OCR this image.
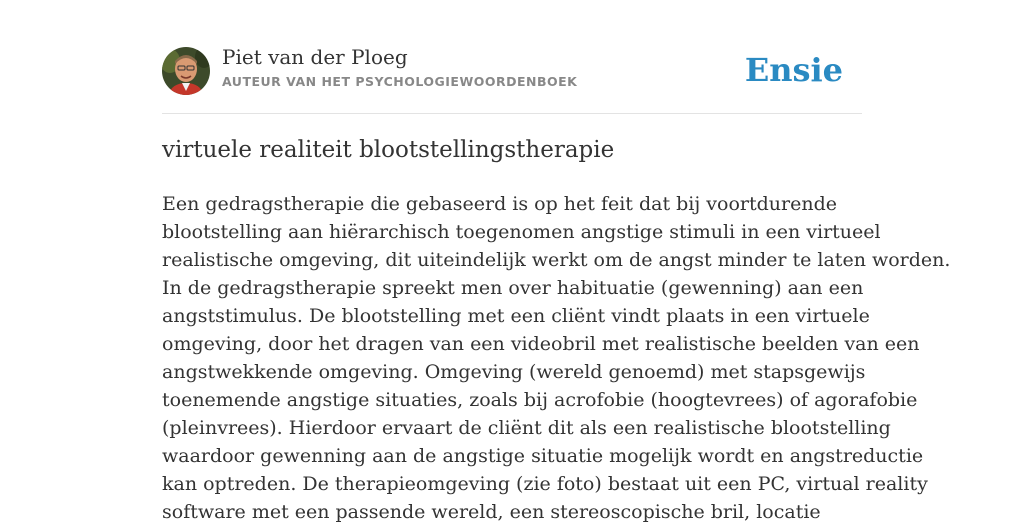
Piet van der Ploeg
AUTEUR VAN HET PSYCHOLOGIEWOORDENBOEK	Ensie
virtuele realiteit blootstellingstherapie

Een gedragstherapie die gebaseerd is op het feit dat bij voortdurende
blootstelling aan hiërarchisch toegenomen angstige stimuli in een virtueel
realistische omgeving, dit uiteindelijk werkt om de angst minder te laten worden.
In de gedragstherapie spreekt men over habituatie (gewenning) aan een
angststimulus. De blootstelling met een cliënt vindt plaats in een virtuele
omgeving, door het dragen van een videobril met realistische beelden van een
angstwekkende omgeving. Omgeving (wereld genoemd) met stapsgewijs
toenemende angstige situaties, zoals bij acrofobie (hoogtevrees) of agorafobie
(pleinvrees). Hierdoor ervaart de cliënt dit als een realistische blootstelling
waardoor gewenning aan de angstige situatie mogelijk wordt en angstreductie
kan optreden. De therapieomgeving (zie foto) bestaat uit een PC, virtual reality
software met een passende wereld, een stereoscopische bril, locatie
